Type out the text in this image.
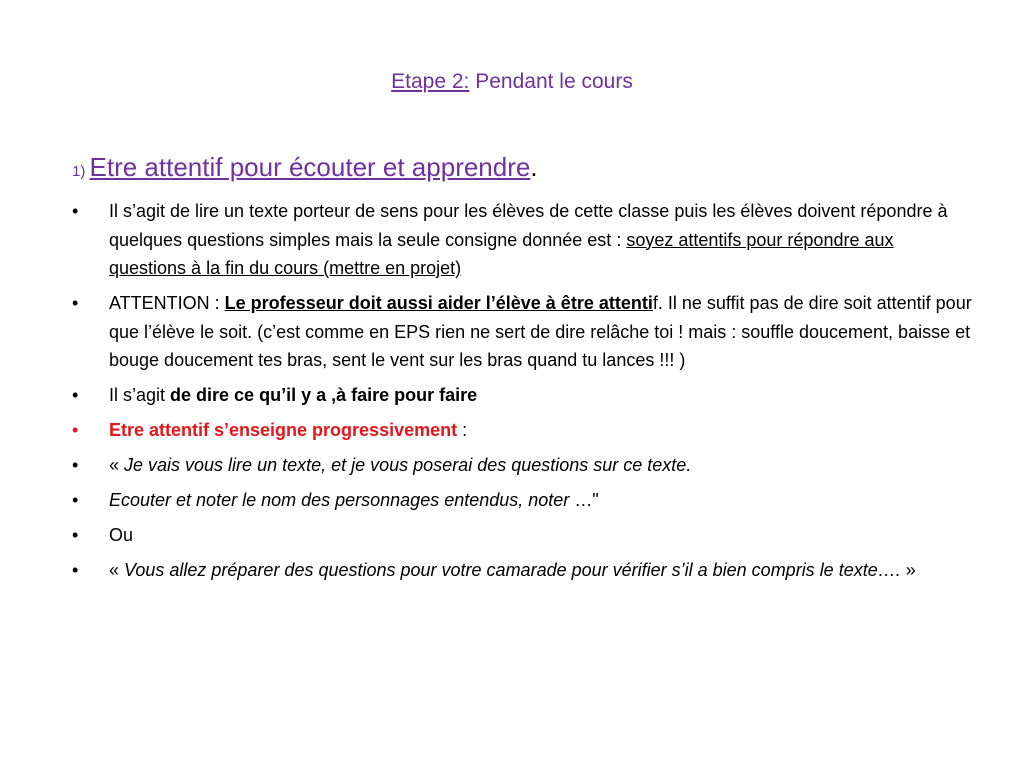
Etape 2: Pendant le cours
1) Etre attentif pour écouter et apprendre.
•	Il s’agit de lire un texte porteur de sens pour les élèves de cette classe puis les élèves doivent répondre à quelques questions simples mais la seule consigne donnée est : soyez attentifs pour répondre aux questions à la fin du cours (mettre en projet)
•	ATTENTION : Le professeur doit aussi aider l’élève à être attentif. Il ne suffit pas de dire soit attentif pour que l’élève le soit. (c’est comme en EPS rien ne sert de dire relâche toi ! mais : souffle doucement, baisse et bouge doucement tes bras, sent le vent sur les bras quand tu lances !!! )
•	Il s’agit de dire ce qu’il y a ,à faire pour faire
•	Etre attentif s’enseigne progressivement :
•	« Je vais vous lire un texte, et je vous poserai des questions sur ce texte.
•	Ecouter et noter le nom des personnages entendus, noter …"
•	Ou
•	« Vous allez préparer des questions pour votre camarade pour vérifier s’il a bien compris le texte…. »
